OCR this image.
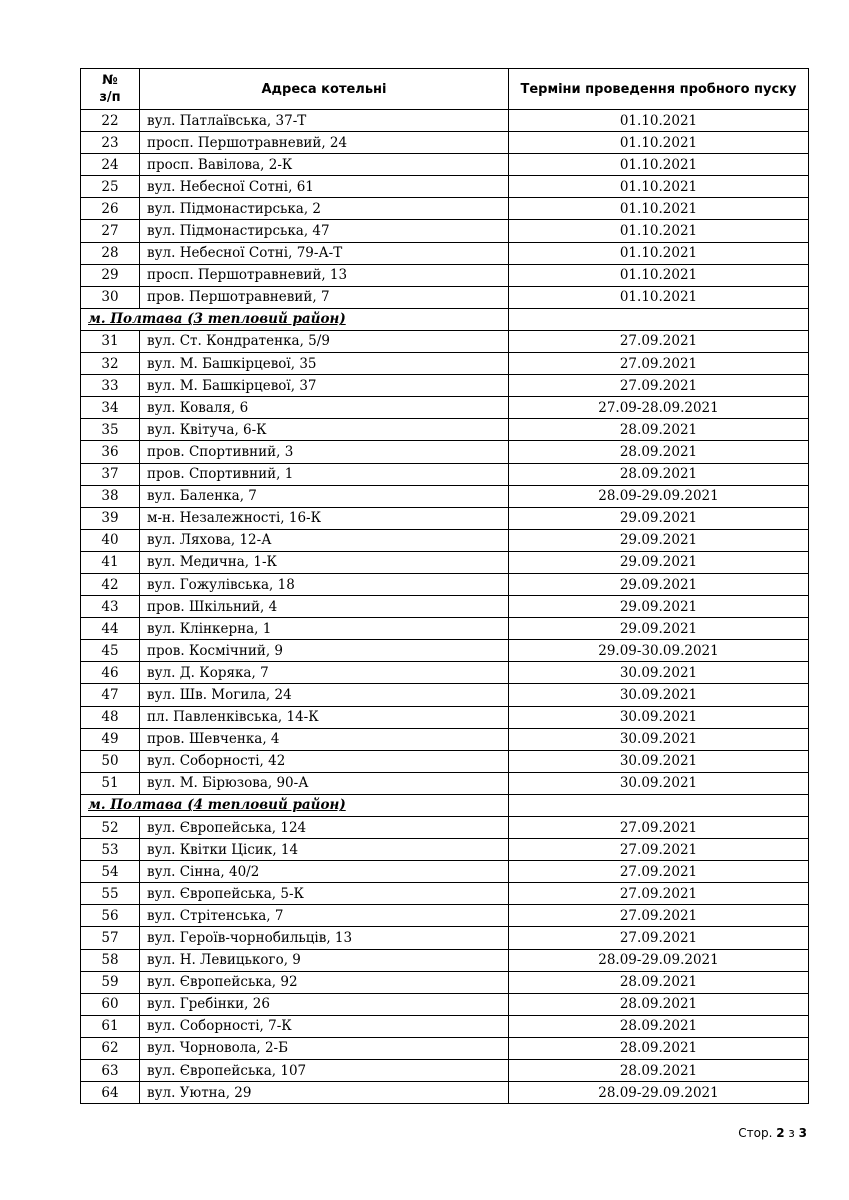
№
з/п	Адреса котельні	Терміни проведення пробного пуску
22	вул. Патлаївська, 37-Т	01.10.2021
23	просп. Першотравневий, 24	01.10.2021
24	просп. Вавілова, 2-К	01.10.2021
25	вул. Небесної Сотні, 61	01.10.2021
26	вул. Підмонастирська, 2	01.10.2021
27	вул. Підмонастирська, 47	01.10.2021
28	вул. Небесної Сотні, 79-А-Т	01.10.2021
29	просп. Першотравневий, 13	01.10.2021
30	пров. Першотравневий, 7	01.10.2021
м. Полтава (3 тепловий район)		
31	вул. Ст. Кондратенка, 5/9	27.09.2021
32	вул. М. Башкірцевої, 35	27.09.2021
33	вул. М. Башкірцевої, 37	27.09.2021
34	вул. Коваля, 6	27.09-28.09.2021
35	вул. Квітуча, 6-К	28.09.2021
36	пров. Спортивний, 3	28.09.2021
37	пров. Спортивний, 1	28.09.2021
38	вул. Баленка, 7	28.09-29.09.2021
39	м-н. Незалежності, 16-К	29.09.2021
40	вул. Ляхова, 12-А	29.09.2021
41	вул. Медична, 1-К	29.09.2021
42	вул. Гожулівська, 18	29.09.2021
43	пров. Шкільний, 4	29.09.2021
44	вул. Клінкерна, 1	29.09.2021
45	пров. Космічний, 9	29.09-30.09.2021
46	вул. Д. Коряка, 7	30.09.2021
47	вул. Шв. Могила, 24	30.09.2021
48	пл. Павленківська, 14-К	30.09.2021
49	пров. Шевченка, 4	30.09.2021
50	вул. Соборності, 42	30.09.2021
51	вул. М. Бірюзова, 90-А	30.09.2021
м. Полтава (4 тепловий район)		
52	вул. Європейська, 124	27.09.2021
53	вул. Квітки Цісик, 14	27.09.2021
54	вул. Сінна, 40/2	27.09.2021
55	вул. Європейська, 5-К	27.09.2021
56	вул. Стрітенська, 7	27.09.2021
57	вул. Героїв-чорнобильців, 13	27.09.2021
58	вул. Н. Левицького, 9	28.09-29.09.2021
59	вул. Європейська, 92	28.09.2021
60	вул. Гребінки, 26	28.09.2021
61	вул. Соборності, 7-К	28.09.2021
62	вул. Чорновола, 2-Б	28.09.2021
63	вул. Європейська, 107	28.09.2021
64	вул. Уютна, 29	28.09-29.09.2021
Стор. 2 з 3
